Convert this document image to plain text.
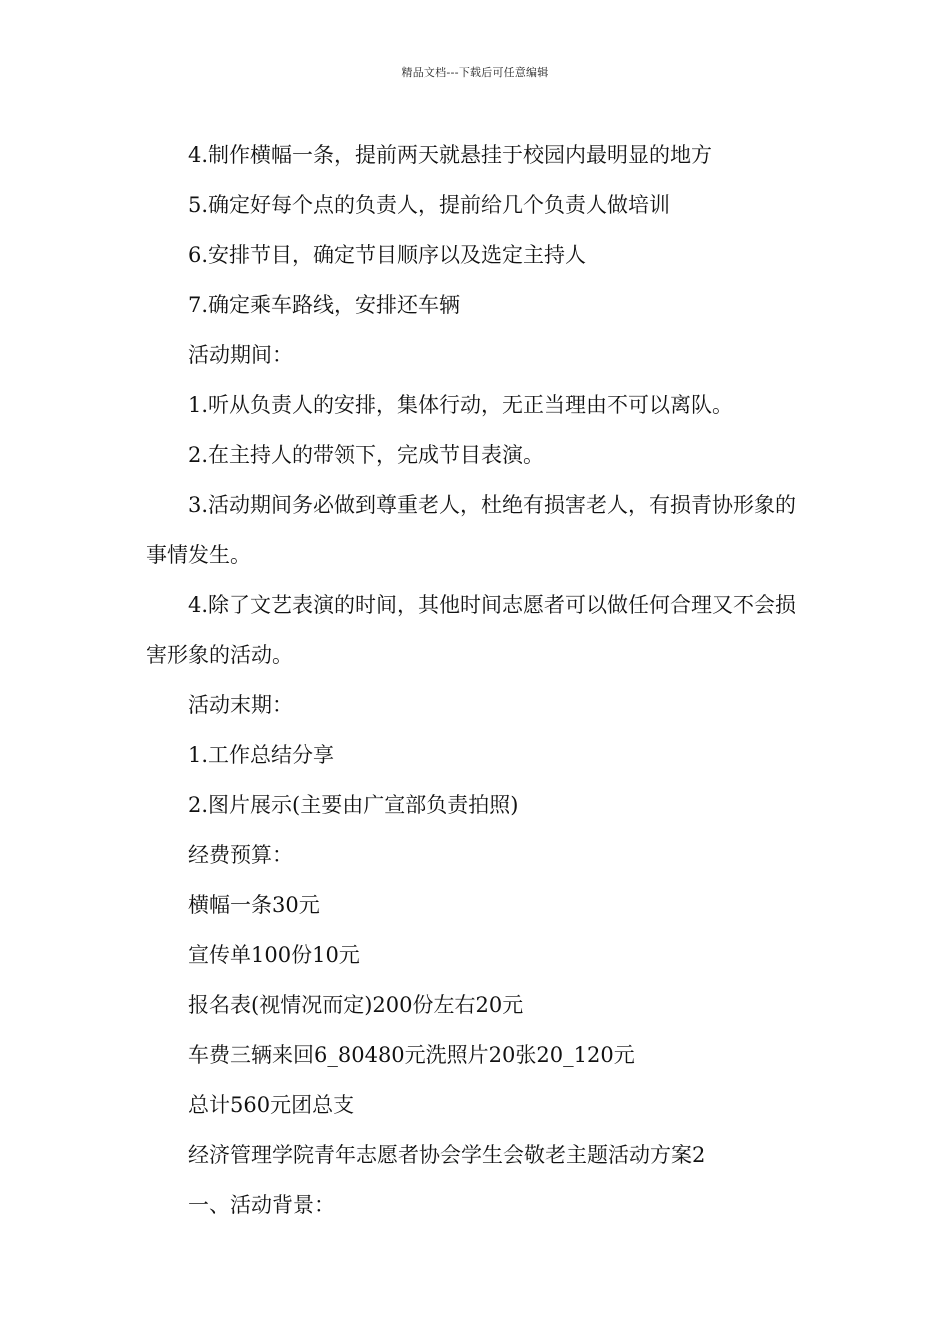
精品文档---下载后可任意编辑

4.制作横幅一条，提前两天就悬挂于校园内最明显的地方

5.确定好每个点的负责人，提前给几个负责人做培训

6.安排节目，确定节目顺序以及选定主持人

7.确定乘车路线，安排还车辆

活动期间：

1.听从负责人的安排，集体行动，无正当理由不可以离队。

2.在主持人的带领下，完成节目表演。

3.活动期间务必做到尊重老人，杜绝有损害老人，有损青协形象的事情发生。

4.除了文艺表演的时间，其他时间志愿者可以做任何合理又不会损害形象的活动。

活动末期：

1.工作总结分享

2.图片展示(主要由广宣部负责拍照)

经费预算：

横幅一条30元

宣传单100份10元

报名表(视情况而定)200份左右20元

车费三辆来回6_80480元洗照片20张20_120元

总计560元团总支

经济管理学院青年志愿者协会学生会敬老主题活动方案2

一、活动背景：
